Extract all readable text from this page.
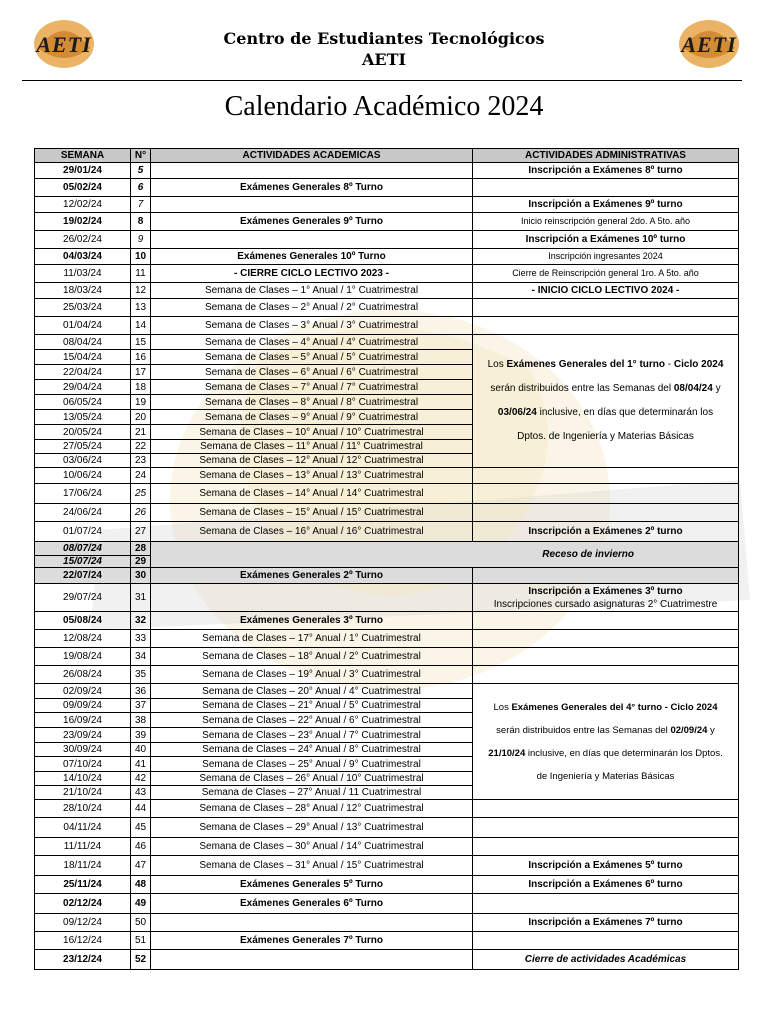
AETI	Centro de Estudiantes Tecnológicos
AETI
AETI
Calendario Académico 2024
SEMANA	N°	ACTIVIDADES ACADEMICAS	ACTIVIDADES ADMINISTRATIVAS
29/01/24	5		Inscripción a Exámenes 8º turno
05/02/24	6	Exámenes Generales 8º Turno	
12/02/24	7		Inscripción a Exámenes 9º turno
19/02/24	8	Exámenes Generales 9º Turno	Inicio reinscripción general 2do. A 5to. año
26/02/24	9		Inscripción a Exámenes 10º turno
04/03/24	10	Exámenes Generales 10º Turno	Inscripción ingresantes 2024
11/03/24	11	- CIERRE CICLO LECTIVO 2023 -	Cierre de Reinscripción general 1ro. A 5to. año
18/03/24	12	Semana de Clases – 1° Anual / 1° Cuatrimestral	- INICIO CICLO LECTIVO 2024 -
25/03/24	13	Semana de Clases – 2° Anual / 2° Cuatrimestral	
01/04/24	14	Semana de Clases – 3° Anual / 3° Cuatrimestral	
08/04/24	15	Semana de Clases – 4° Anual / 4° Cuatrimestral	Los Exámenes Generales del 1° turno - Ciclo 2024 serán distribuidos entre las Semanas del 08/04/24 y 03/06/24 inclusive, en días que determinarán los Dptos. de Ingeniería y Materias Básicas
15/04/24	16	Semana de Clases – 5° Anual / 5° Cuatrimestral	
22/04/24	17	Semana de Clases – 6° Anual / 6° Cuatrimestral	
29/04/24	18	Semana de Clases – 7° Anual / 7° Cuatrimestral	
06/05/24	19	Semana de Clases – 8° Anual / 8° Cuatrimestral	
13/05/24	20	Semana de Clases – 9° Anual / 9° Cuatrimestral	
20/05/24	21	Semana de Clases – 10° Anual / 10° Cuatrimestral	
27/05/24	22	Semana de Clases – 11° Anual / 11° Cuatrimestral	
03/06/24	23	Semana de Clases – 12° Anual / 12° Cuatrimestral	
10/06/24	24	Semana de Clases – 13° Anual / 13° Cuatrimestral	
17/06/24	25	Semana de Clases – 14° Anual / 14° Cuatrimestral	
24/06/24	26	Semana de Clases – 15° Anual / 15° Cuatrimestral	
01/07/24	27	Semana de Clases – 16° Anual / 16° Cuatrimestral	Inscripción a Exámenes 2º turno
08/07/24	28	Receso de invierno	
15/07/24	29		
22/07/24	30	Exámenes Generales 2º Turno	
29/07/24	31		Inscripción a Exámenes 3º turno
Inscripciones cursado asignaturas 2° Cuatrimestre
05/08/24	32	Exámenes Generales 3º Turno	
12/08/24	33	Semana de Clases – 17° Anual / 1° Cuatrimestral	
19/08/24	34	Semana de Clases – 18° Anual / 2° Cuatrimestral	
26/08/24	35	Semana de Clases – 19° Anual / 3° Cuatrimestral	
02/09/24	36	Semana de Clases – 20° Anual / 4° Cuatrimestral	Los Exámenes Generales del 4° turno - Ciclo 2024 serán distribuidos entre las Semanas del 02/09/24 y 21/10/24 inclusive, en días que determinarán los Dptos. de Ingeniería y Materias Básicas
09/09/24	37	Semana de Clases – 21° Anual / 5° Cuatrimestral	
16/09/24	38	Semana de Clases – 22° Anual / 6° Cuatrimestral	
23/09/24	39	Semana de Clases – 23° Anual / 7° Cuatrimestral	
30/09/24	40	Semana de Clases – 24° Anual / 8° Cuatrimestral	
07/10/24	41	Semana de Clases – 25° Anual / 9° Cuatrimestral	
14/10/24	42	Semana de Clases – 26° Anual / 10° Cuatrimestral	
21/10/24	43	Semana de Clases – 27° Anual / 11 Cuatrimestral	
28/10/24	44	Semana de Clases – 28° Anual / 12° Cuatrimestral	
04/11/24	45	Semana de Clases – 29° Anual / 13° Cuatrimestral	
11/11/24	46	Semana de Clases – 30° Anual / 14° Cuatrimestral	
18/11/24	47	Semana de Clases – 31° Anual / 15° Cuatrimestral	Inscripción a Exámenes 5º turno
25/11/24	48	Exámenes Generales 5º Turno	Inscripción a Exámenes 6º turno
02/12/24	49	Exámenes Generales 6º Turno	
09/12/24	50		Inscripción a Exámenes 7º turno
16/12/24	51	Exámenes Generales 7º Turno	
23/12/24	52		Cierre de actividades Académicas
